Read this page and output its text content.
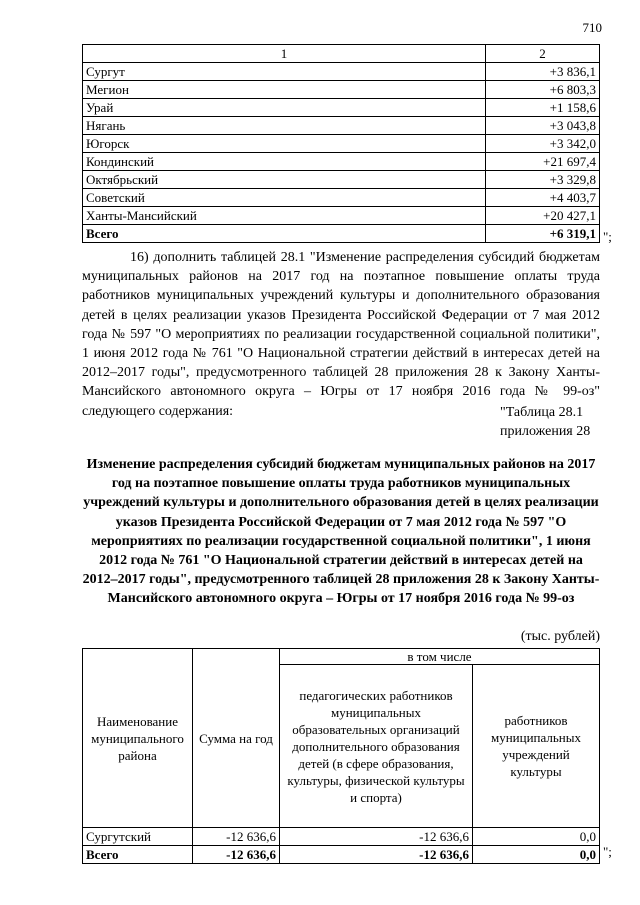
710
1	2
Сургут	+3 836,1
Мегион	+6 803,3
Урай	+1 158,6
Нягань	+3 043,8
Югорск	+3 342,0
Кондинский	+21 697,4
Октябрьский	+3 329,8
Советский	+4 403,7
Ханты-Мансийский	+20 427,1
Всего	+6 319,1 ";

16) дополнить таблицей 28.1 "Изменение распределения субсидий бюджетам муниципальных районов на 2017 год на поэтапное повышение оплаты труда работников муниципальных учреждений культуры и дополнительного образования детей в целях реализации указов Президента Российской Федерации от 7 мая 2012 года № 597 "О мероприятиях по реализации государственной социальной политики", 1 июня 2012 года № 761 "О Национальной стратегии действий в интересах детей на 2012–2017 годы", предусмотренного таблицей 28 приложения 28 к Закону Ханты-Мансийского автономного округа – Югры от 17 ноября 2016 года № 99-оз" следующего содержания:	"Таблица 28.1
приложения 28

Изменение распределения субсидий бюджетам муниципальных районов на 2017 год на поэтапное повышение оплаты труда работников муниципальных учреждений культуры и дополнительного образования детей в целях реализации указов Президента Российской Федерации от 7 мая 2012 года № 597 "О мероприятиях по реализации государственной социальной политики", 1 июня 2012 года № 761 "О Национальной стратегии действий в интересах детей на 2012–2017 годы", предусмотренного таблицей 28 приложения 28 к Закону Ханты-Мансийского автономного округа – Югры от 17 ноября 2016 года № 99-оз

(тыс. рублей)
Наименование муниципального района	Сумма на год	в том числе	
		педагогических работников муниципальных образовательных организаций дополнительного образования детей (в сфере образования, культуры, физической культуры и спорта)	работников муниципальных учреждений культуры
Сургутский	-12 636,6	-12 636,6	0,0
Всего	-12 636,6	-12 636,6	0,0 ";
